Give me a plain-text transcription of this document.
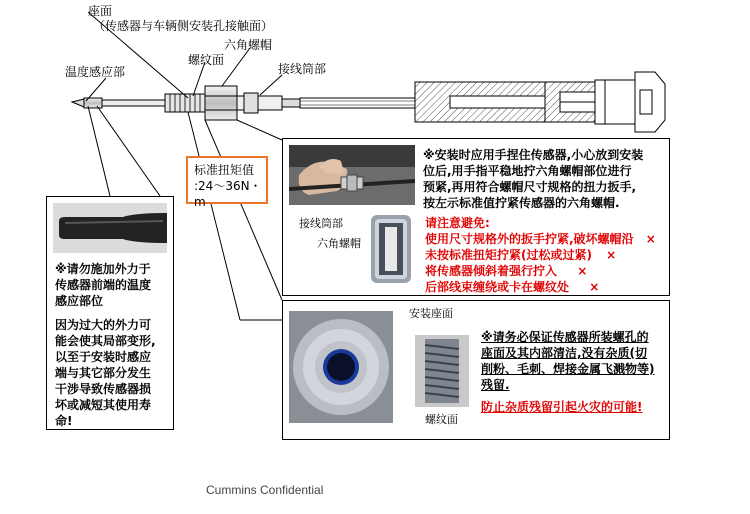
座面
（传感器与车辆侧安装孔接触面）
六角螺帽
螺纹面
温度感应部	接线筒部
标准扭矩值
:24～36N・m
※请勿施加外力于
传感器前端的温度
感应部位
因为过大的外力可
能会使其局部变形,
以至于安装时感应
端与其它部分发生
干涉导致传感器损
坏或减短其使用寿
命!
接线筒部
六角螺帽
※安装时应用手捏住传感器,小心放到安装
位后,用手指平稳地拧六角螺帽部位进行
预紧,再用符合螺帽尺寸规格的扭力扳手,
按左示标准值拧紧传感器的六角螺帽.
请注意避免:
使用尺寸规格外的扳手拧紧,破坏螺帽沿 ×
未按标准扭矩拧紧(过松或过紧) ×
将传感器倾斜着强行拧入 ×
后部线束缠绕或卡在螺纹处 ×
安装座面
螺纹面
※请务必保证传感器所装螺孔的
座面及其内部清洁,没有杂质(切
削粉、毛刺、焊接金属飞溅物等)
残留.
防止杂质残留引起火灾的可能!
Cummins Confidential
